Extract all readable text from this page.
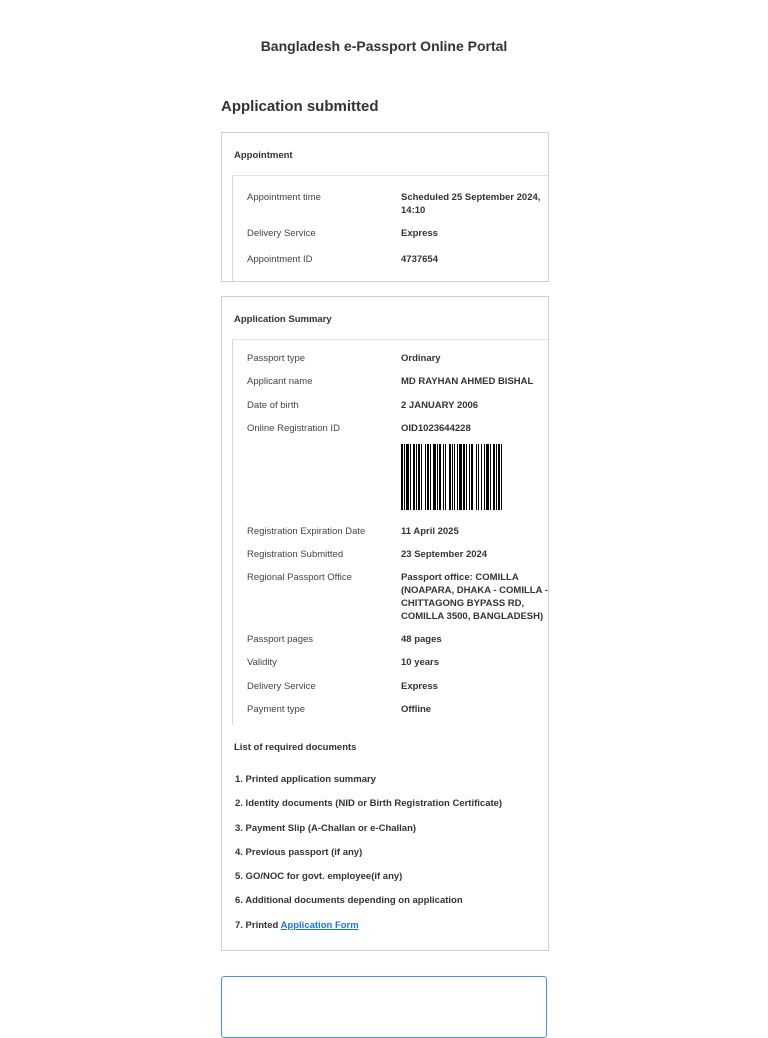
Bangladesh e-Passport Online Portal
Application submitted
Appointment
Appointment time	Scheduled 25 September 2024, 14:10
Delivery Service	Express
Appointment ID	4737654
Application Summary
Passport type	Ordinary
Applicant name	MD RAYHAN AHMED BISHAL
Date of birth	2 JANUARY 2006
Online Registration ID	OID1023644228
Registration Expiration Date	11 April 2025
Registration Submitted	23 September 2024
Regional Passport Office	Passport office: COMILLA (NOAPARA, DHAKA - COMILLA - CHITTAGONG BYPASS RD, COMILLA 3500, BANGLADESH)
Passport pages	48 pages
Validity	10 years
Delivery Service	Express
Payment type	Offline
List of required documents
1. Printed application summary
2. Identity documents (NID or Birth Registration Certificate)
3. Payment Slip (A-Challan or e-Challan)
4. Previous passport (if any)
5. GO/NOC for govt. employee(if any)
6. Additional documents depending on application
7. Printed Application Form
